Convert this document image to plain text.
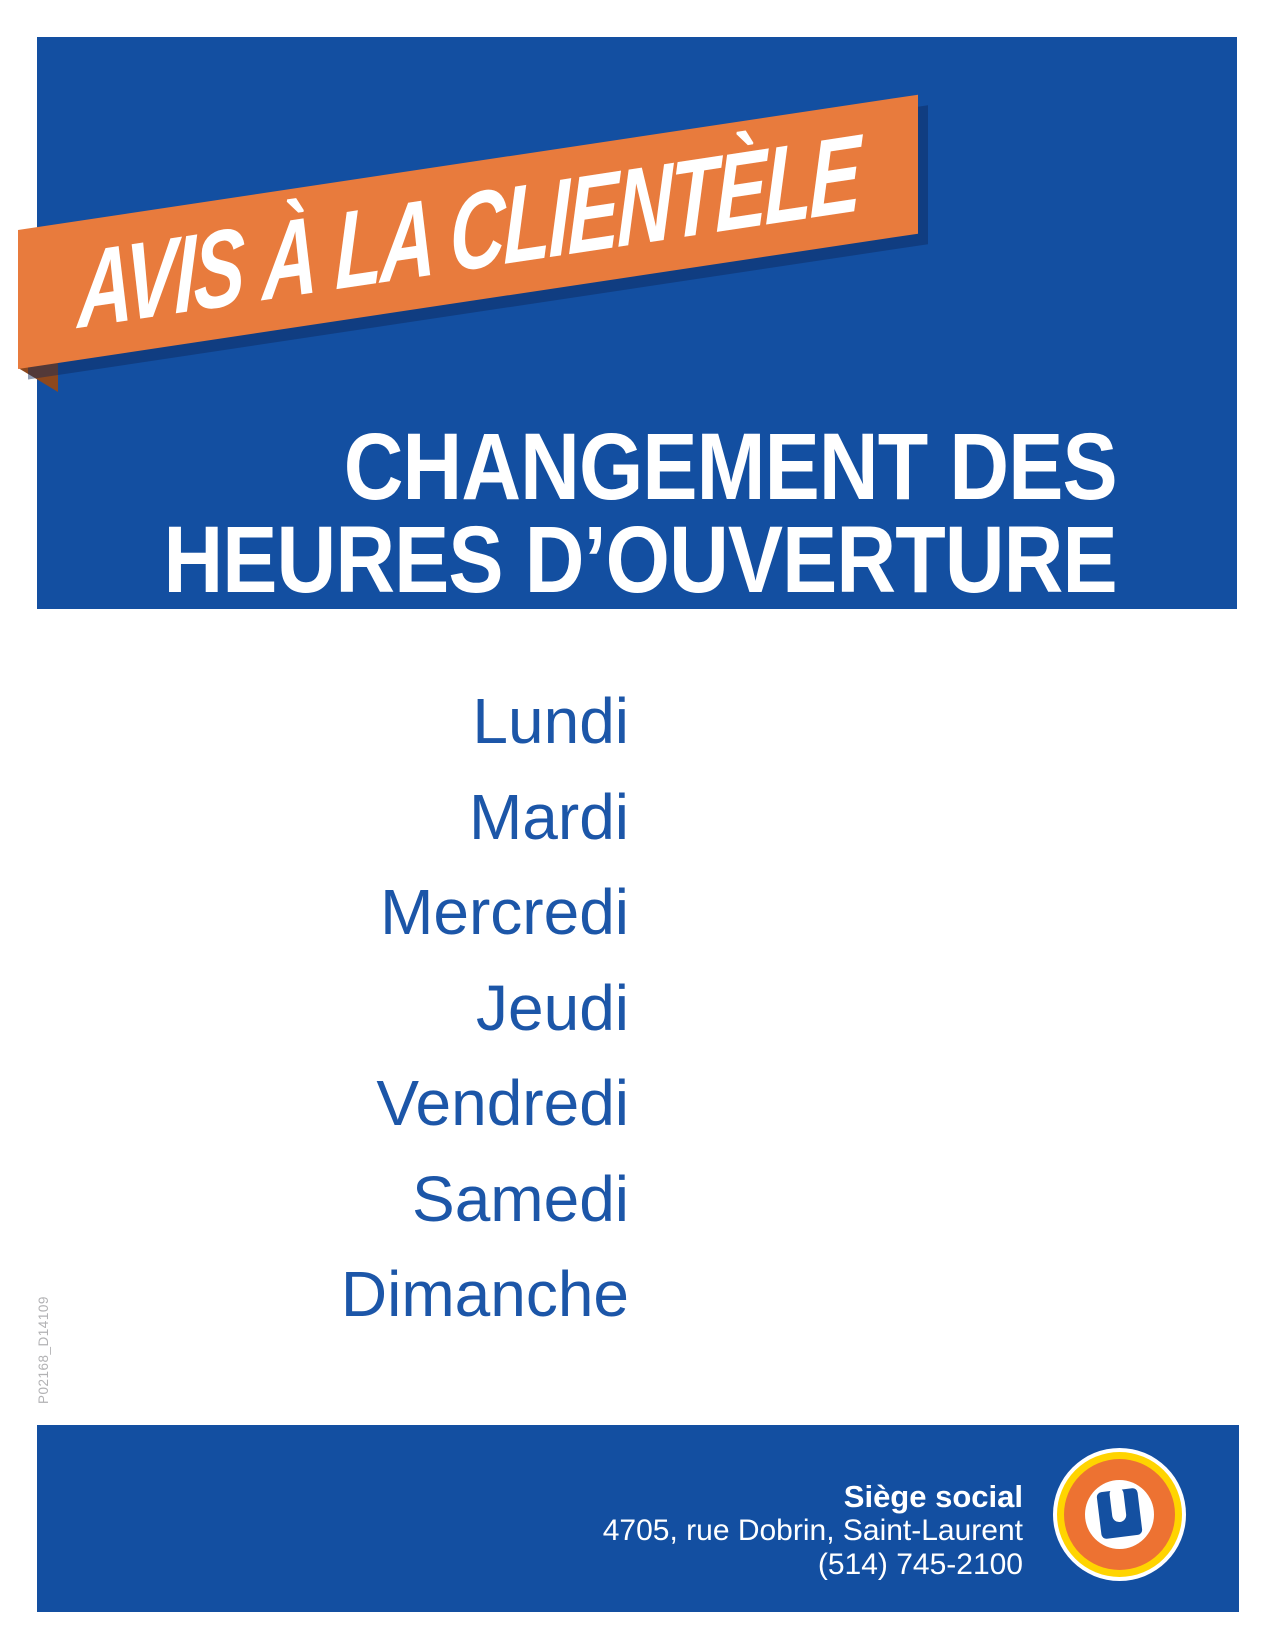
CHANGEMENT DES
HEURES D’OUVERTURE
AVIS À LA CLIENTÈLE
Lundi
Mardi
Mercredi
Jeudi
Vendredi
Samedi
Dimanche
P02168_D14109
Siège social
4705, rue Dobrin, Saint-Laurent
(514) 745-2100
